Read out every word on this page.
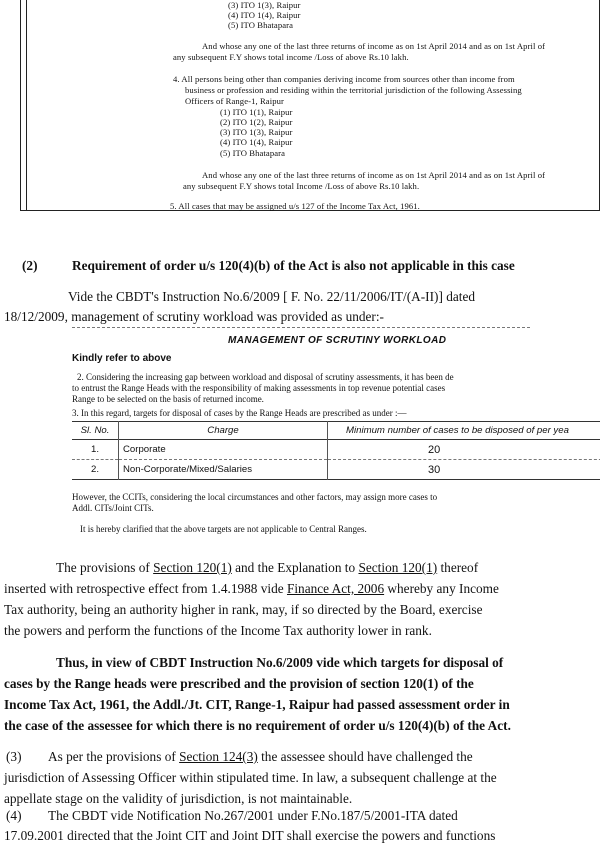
(3) ITO 1(3), Raipur
(4) ITO 1(4), Raipur
(5) ITO Bhatapara
And whose any one of the last three returns of income as on 1st April 2014 and as on 1st April of
any subsequent F.Y shows total income /Loss of above Rs.10 lakh.
4. All persons being other than companies deriving income from sources other than income from
business or profession and residing within the territorial jurisdiction of the following Assessing
Officers of Range-1, Raipur
(1) ITO 1(1), Raipur
(2) ITO 1(2), Raipur
(3) ITO 1(3), Raipur
(4) ITO 1(4), Raipur
(5) ITO Bhatapara
And whose any one of the last three returns of income as on 1st April 2014 and as on 1st April of
any subsequent F.Y shows total Income /Loss of above Rs.10 lakh.
5. All cases that may be assigned u/s 127 of the Income Tax Act, 1961.
(2)	Requirement of order u/s 120(4)(b) of the Act is also not applicable in this case
Vide the CBDT's Instruction No.6/2009 [ F. No. 22/11/2006/IT/(A-II)] dated
18/12/2009, management of scrutiny workload was provided as under:-
MANAGEMENT OF SCRUTINY WORKLOAD
Kindly refer to above
2. Considering the increasing gap between workload and disposal of scrutiny assessments, it has been de
to entrust the Range Heads with the responsibility of making assessments in top revenue potential cases
Range to be selected on the basis of returned income.
3. In this regard, targets for disposal of cases by the Range Heads are prescribed as under :—
Sl. No.	Charge	Minimum number of cases to be disposed of per yea
1.	Corporate	20
2.	Non-Corporate/Mixed/Salaries	30
However, the CCITs, considering the local circumstances and other factors, may assign more cases to
Addl. CITs/Joint CITs.
It is hereby clarified that the above targets are not applicable to Central Ranges.
The provisions of Section 120(1) and the Explanation to Section 120(1) thereof
inserted with retrospective effect from 1.4.1988 vide Finance Act, 2006 whereby any Income
Tax authority, being an authority higher in rank, may, if so directed by the Board, exercise
the powers and perform the functions of the Income Tax authority lower in rank.
Thus, in view of CBDT Instruction No.6/2009 vide which targets for disposal of
cases by the Range heads were prescribed and the provision of section 120(1) of the
Income Tax Act, 1961, the Addl./Jt. CIT, Range-1, Raipur had passed assessment order in
the case of the assessee for which there is no requirement of order u/s 120(4)(b) of the Act.
(3) As per the provisions of Section 124(3) the assessee should have challenged the
jurisdiction of Assessing Officer within stipulated time. In law, a subsequent challenge at the
appellate stage on the validity of jurisdiction, is not maintainable.
(4) The CBDT vide Notification No.267/2001 under F.No.187/5/2001-ITA dated
17.09.2001 directed that the Joint CIT and Joint DIT shall exercise the powers and functions
